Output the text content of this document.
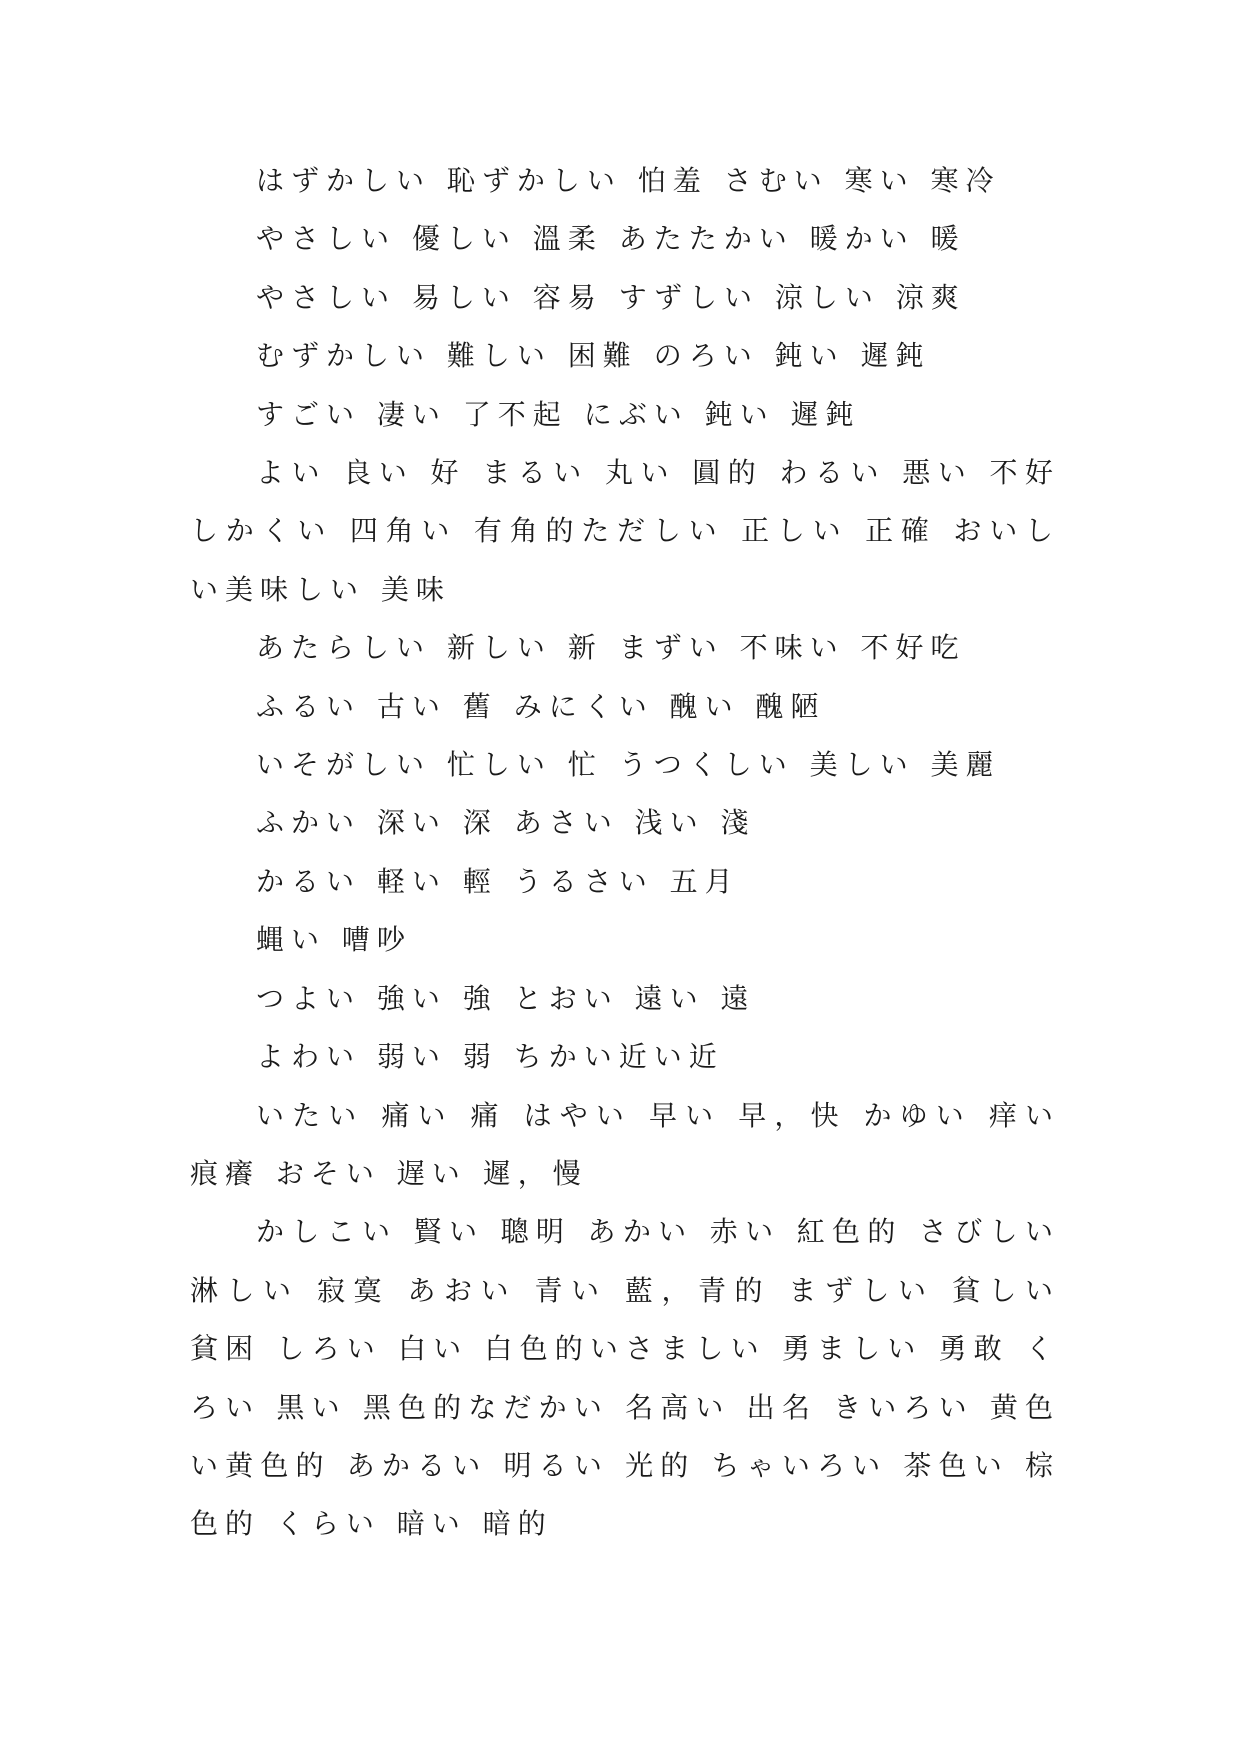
はずかしい 恥ずかしい 怕羞 さむい 寒い 寒冷

やさしい 優しい 溫柔 あたたかい 暖かい 暖

やさしい 易しい 容易 すずしい 涼しい 涼爽

むずかしい 難しい 困難 のろい 鈍い 遲鈍

すごい 凄い 了不起 にぶい 鈍い 遲鈍

よい 良い 好 まるい 丸い 圓的 わるい 悪い 不好しかくい 四角い 有角的ただしい 正しい 正確 おいしい美味しい 美味

あたらしい 新しい 新 まずい 不味い 不好吃

ふるい 古い 舊 みにくい 醜い 醜陋

いそがしい 忙しい 忙 うつくしい 美しい 美麗

ふかい 深い 深 あさい 浅い 淺

かるい 軽い 輕 うるさい 五月

蝿い 嘈吵

つよい 強い 強 とおい 遠い 遠

よわい 弱い 弱 ちかい近い近

いたい 痛い 痛 はやい 早い 早，快 かゆい 痒い 痕癢 おそい 遅い 遲，慢

かしこい 賢い 聰明 あかい 赤い 紅色的 さびしい淋しい 寂寞 あおい 青い 藍，青的 まずしい 貧しい 貧困 しろい 白い 白色的いさましい 勇ましい 勇敢 くろい 黒い 黑色的なだかい 名高い 出名 きいろい 黄色い黄色的 あかるい 明るい 光的 ちゃいろい 茶色い 棕色的 くらい 暗い 暗的
